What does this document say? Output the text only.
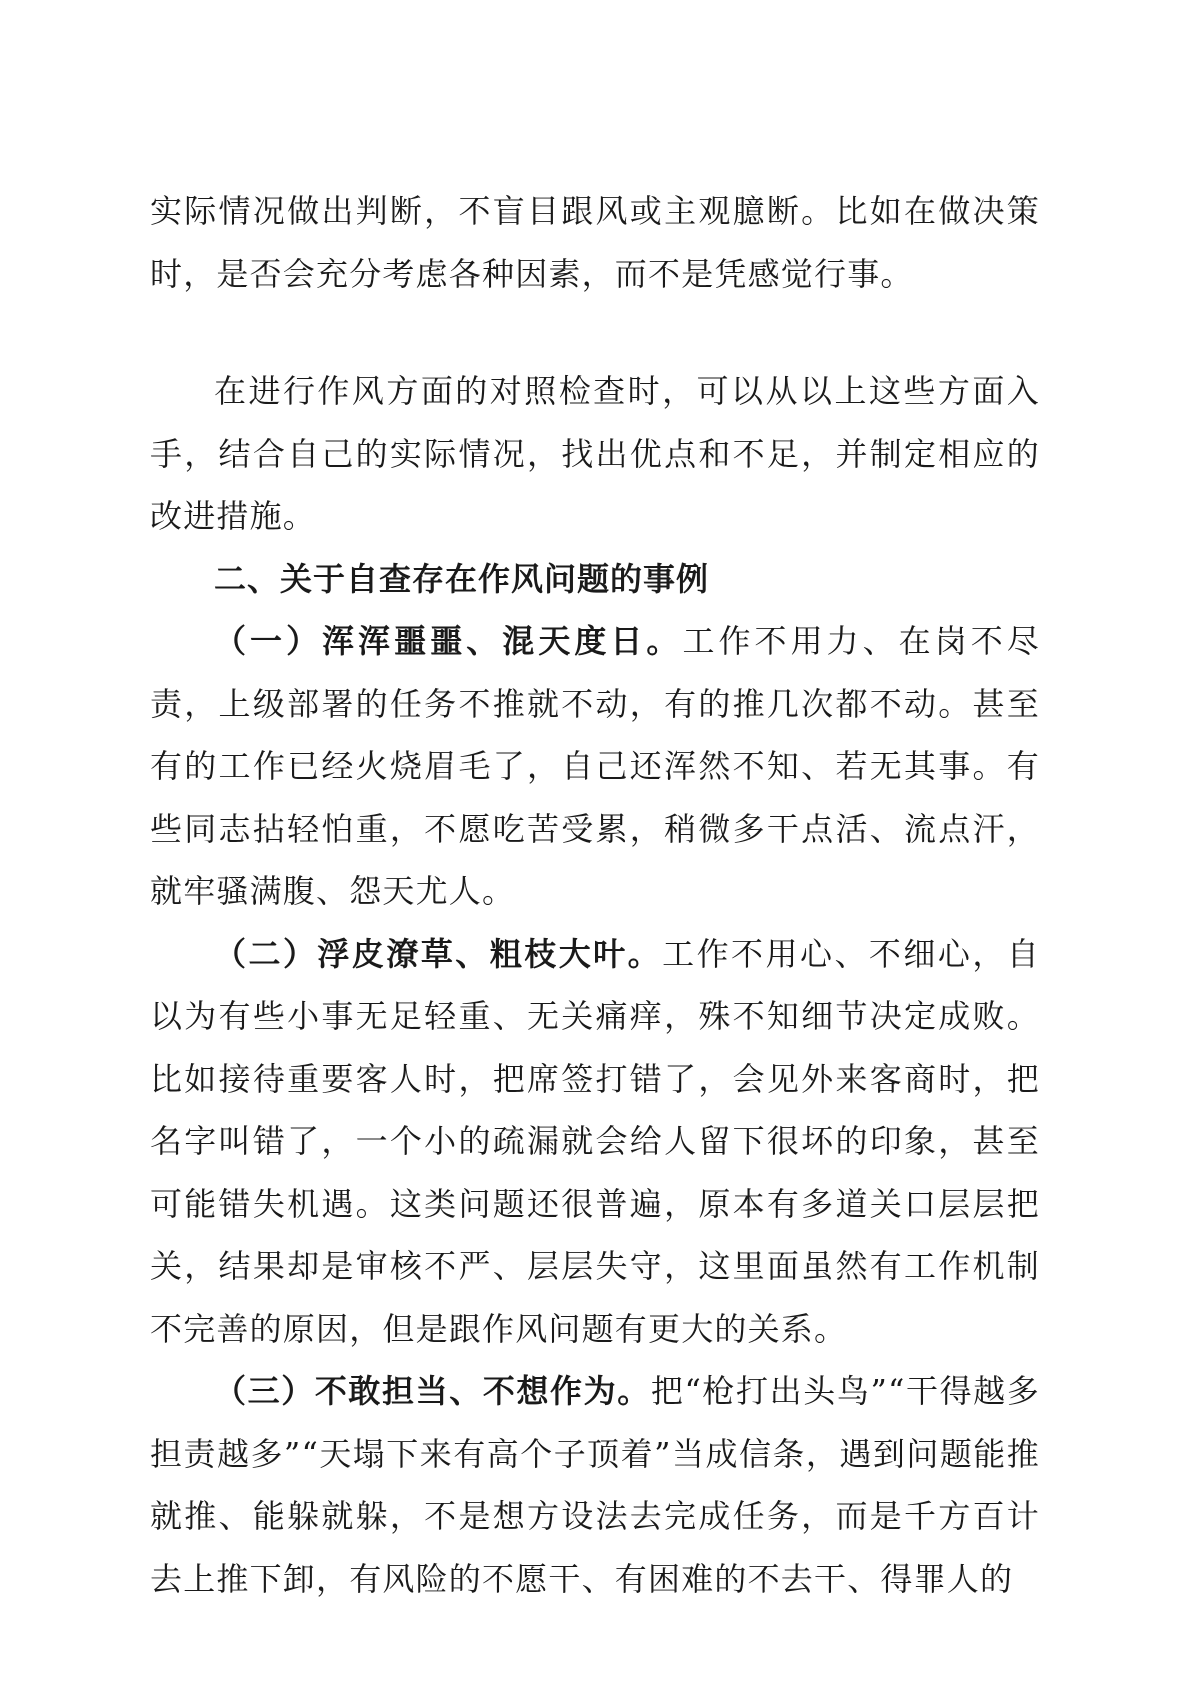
实际情况做出判断，不盲目跟风或主观臆断。比如在做决策时，是否会充分考虑各种因素，而不是凭感觉行事。

在进行作风方面的对照检查时，可以从以上这些方面入手，结合自己的实际情况，找出优点和不足，并制定相应的改进措施。

二、关于自查存在作风问题的事例

（一）浑浑噩噩、混天度日。工作不用力、在岗不尽责，上级部署的任务不推就不动，有的推几次都不动。甚至有的工作已经火烧眉毛了，自己还浑然不知、若无其事。有些同志拈轻怕重，不愿吃苦受累，稍微多干点活、流点汗，就牢骚满腹、怨天尤人。

（二）浮皮潦草、粗枝大叶。工作不用心、不细心，自以为有些小事无足轻重、无关痛痒，殊不知细节决定成败。比如接待重要客人时，把席签打错了，会见外来客商时，把名字叫错了，一个小的疏漏就会给人留下很坏的印象，甚至可能错失机遇。这类问题还很普遍，原本有多道关口层层把关，结果却是审核不严、层层失守，这里面虽然有工作机制不完善的原因，但是跟作风问题有更大的关系。

（三）不敢担当、不想作为。把“枪打出头鸟”“干得越多担责越多”“天塌下来有高个子顶着”当成信条，遇到问题能推就推、能躲就躲，不是想方设法去完成任务，而是千方百计去上推下卸，有风险的不愿干、有困难的不去干、得罪人的
